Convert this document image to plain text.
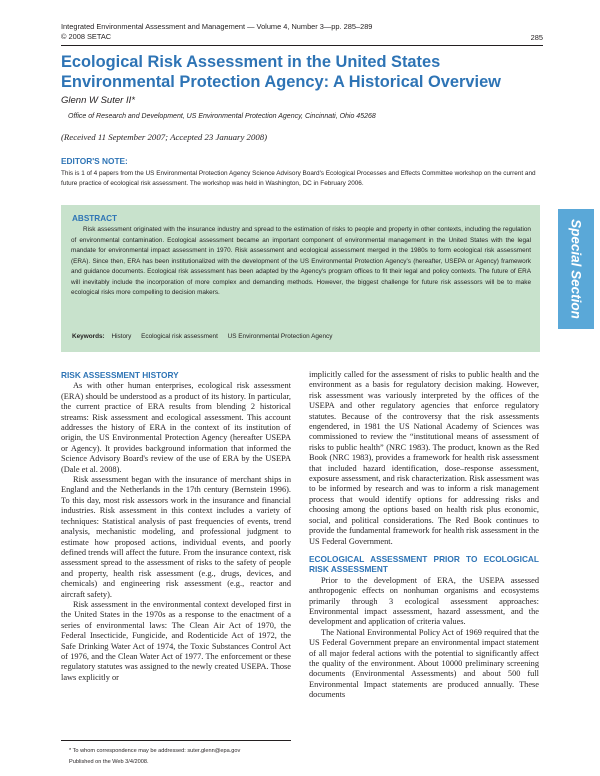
Integrated Environmental Assessment and Management — Volume 4, Number 3—pp. 285–289
© 2008 SETAC	285
Ecological Risk Assessment in the United States Environmental Protection Agency: A Historical Overview
Glenn W Suter II*
Office of Research and Development, US Environmental Protection Agency, Cincinnati, Ohio 45268
(Received 11 September 2007; Accepted 23 January 2008)
EDITOR'S NOTE:
This is 1 of 4 papers from the US Environmental Protection Agency Science Advisory Board's Ecological Processes and Effects Committee workshop on the current and future practice of ecological risk assessment. The workshop was held in Washington, DC in February 2006.
ABSTRACT

Risk assessment originated with the insurance industry and spread to the estimation of risks to people and property in other contexts, including the regulation of environmental contamination. Ecological assessment became an important component of environmental management in the United States with the legal mandate for environmental impact assessment in 1970. Risk assessment and ecological assessment merged in the 1980s to form ecological risk assessment (ERA). Since then, ERA has been institutionalized with the development of the US Environmental Protection Agency's (hereafter, USEPA or Agency) framework and guidance documents. Ecological risk assessment has been adapted by the Agency's program offices to fit their legal and policy contexts. The future of ERA will inevitably include the incorporation of more complex and demanding methods. However, the biggest challenge for future risk assessors will be to make ecological risks more compelling to decision makers.

Keywords: History Ecological risk assessment US Environmental Protection Agency
Special Section
RISK ASSESSMENT HISTORY

As with other human enterprises, ecological risk assessment (ERA) should be understood as a product of its history. In particular, the current practice of ERA results from blending 2 historical streams: Risk assessment and ecological assessment. This account addresses the history of ERA in the context of its institution of origin, the US Environmental Protection Agency (hereafter USEPA or Agency). It provides background information that informed the Science Advisory Board's review of the use of ERA by the USEPA (Dale et al. 2008).

Risk assessment began with the insurance of merchant ships in England and the Netherlands in the 17th century (Bernstein 1996). To this day, most risk assessors work in the insurance and financial industries. Risk assessment in this context includes a variety of techniques: Statistical analysis of past frequencies of events, trend analysis, mechanistic modeling, and professional judgment to estimate how proposed actions, individual events, and poorly defined trends will affect the future. From the insurance context, risk assessment spread to the assessment of risks to the safety of people and property, health risk assessment (e.g., drugs, devices, and chemicals) and engineering risk assessment (e.g., reactor and aircraft safety).

Risk assessment in the environmental context developed first in the United States in the 1970s as a response to the enactment of a series of environmental laws: The Clean Air Act of 1970, the Federal Insecticide, Fungicide, and Rodenticide Act of 1972, the Safe Drinking Water Act of 1974, the Toxic Substances Control Act of 1976, and the Clean Water Act of 1977. The enforcement or these regulatory statutes was assigned to the newly created USEPA. Those laws explicitly or

implicitly called for the assessment of risks to public health and the environment as a basis for regulatory decision making. However, risk assessment was variously interpreted by the offices of the USEPA and other regulatory agencies that enforce regulatory statutes. Because of the controversy that the risk assessments engendered, in 1981 the US National Academy of Sciences was commissioned to review the “institutional means of assessment of risks to public health” (NRC 1983). The product, known as the Red Book (NRC 1983), provides a framework for health risk assessment that included hazard identification, dose–response assessment, exposure assessment, and risk characterization. Risk assessment was to be informed by research and was to inform a risk management process that would identify options for addressing risks and choosing among the options based on health risk plus economic, social, and political considerations. The Red Book continues to provide the fundamental framework for health risk assessment in the US Federal Government.

ECOLOGICAL ASSESSMENT PRIOR TO ECOLOGICAL RISK ASSESSMENT

Prior to the development of ERA, the USEPA assessed anthropogenic effects on nonhuman organisms and ecosystems primarily through 3 ecological assessment approaches: Environmental impact assessment, hazard assessment, and the development and application of criteria values.

The National Environmental Policy Act of 1969 required that the US Federal Government prepare an environmental impact statement of all major federal actions with the potential to significantly affect the quality of the environment. About 10000 preliminary screening documents (Environmental Assessments) and about 500 full Environmental Impact statements are produced annually. These documents

* To whom correspondence may be addressed: suter.glenn@epa.gov
Published on the Web 3/4/2008.
